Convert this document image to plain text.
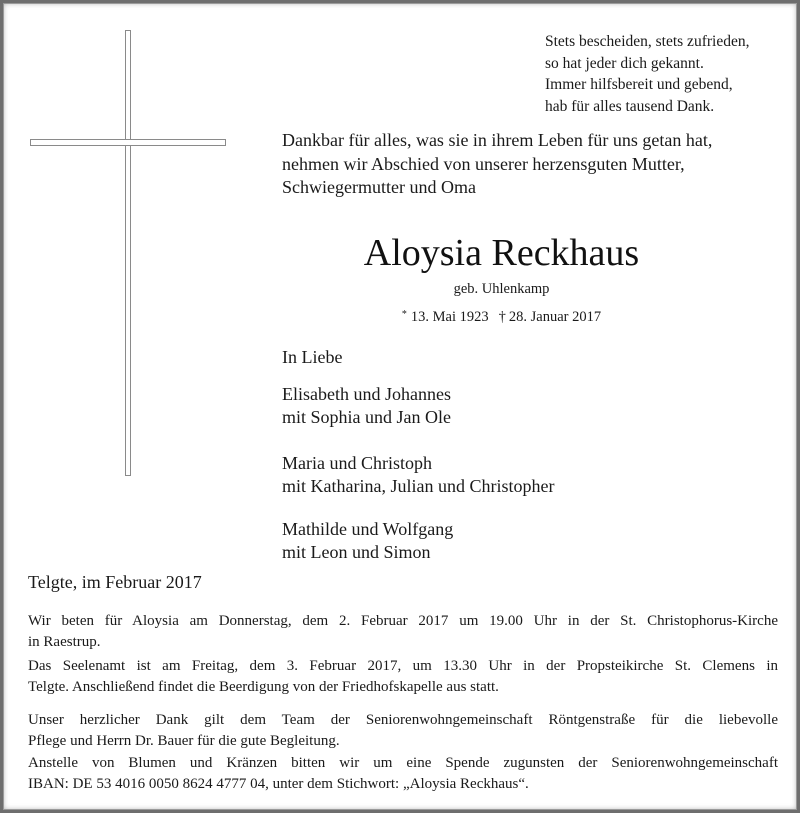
Stets bescheiden, stets zufrieden,
so hat jeder dich gekannt.
Immer hilfsbereit und gebend,
hab für alles tausend Dank.
Dankbar für alles, was sie in ihrem Leben für uns getan hat,
nehmen wir Abschied von unserer herzensguten Mutter,
Schwiegermutter und Oma
Aloysia Reckhaus
geb. Uhlenkamp
* 13. Mai 1923 † 28. Januar 2017
In Liebe
Elisabeth und Johannes
mit Sophia und Jan Ole
Maria und Christoph
mit Katharina, Julian und Christopher
Mathilde und Wolfgang
mit Leon und Simon
Telgte, im Februar 2017
Wir beten für Aloysia am Donnerstag, dem 2. Februar 2017 um 19.00 Uhr in der St. Christophorus-Kirche
in Raestrup.
Das Seelenamt ist am Freitag, dem 3. Februar 2017, um 13.30 Uhr in der Propsteikirche St. Clemens in
Telgte. Anschließend findet die Beerdigung von der Friedhofskapelle aus statt.
Unser herzlicher Dank gilt dem Team der Seniorenwohngemeinschaft Röntgenstraße für die liebevolle
Pflege und Herrn Dr. Bauer für die gute Begleitung.
Anstelle von Blumen und Kränzen bitten wir um eine Spende zugunsten der Seniorenwohngemeinschaft
IBAN: DE 53 4016 0050 8624 4777 04, unter dem Stichwort: „Aloysia Reckhaus“.
